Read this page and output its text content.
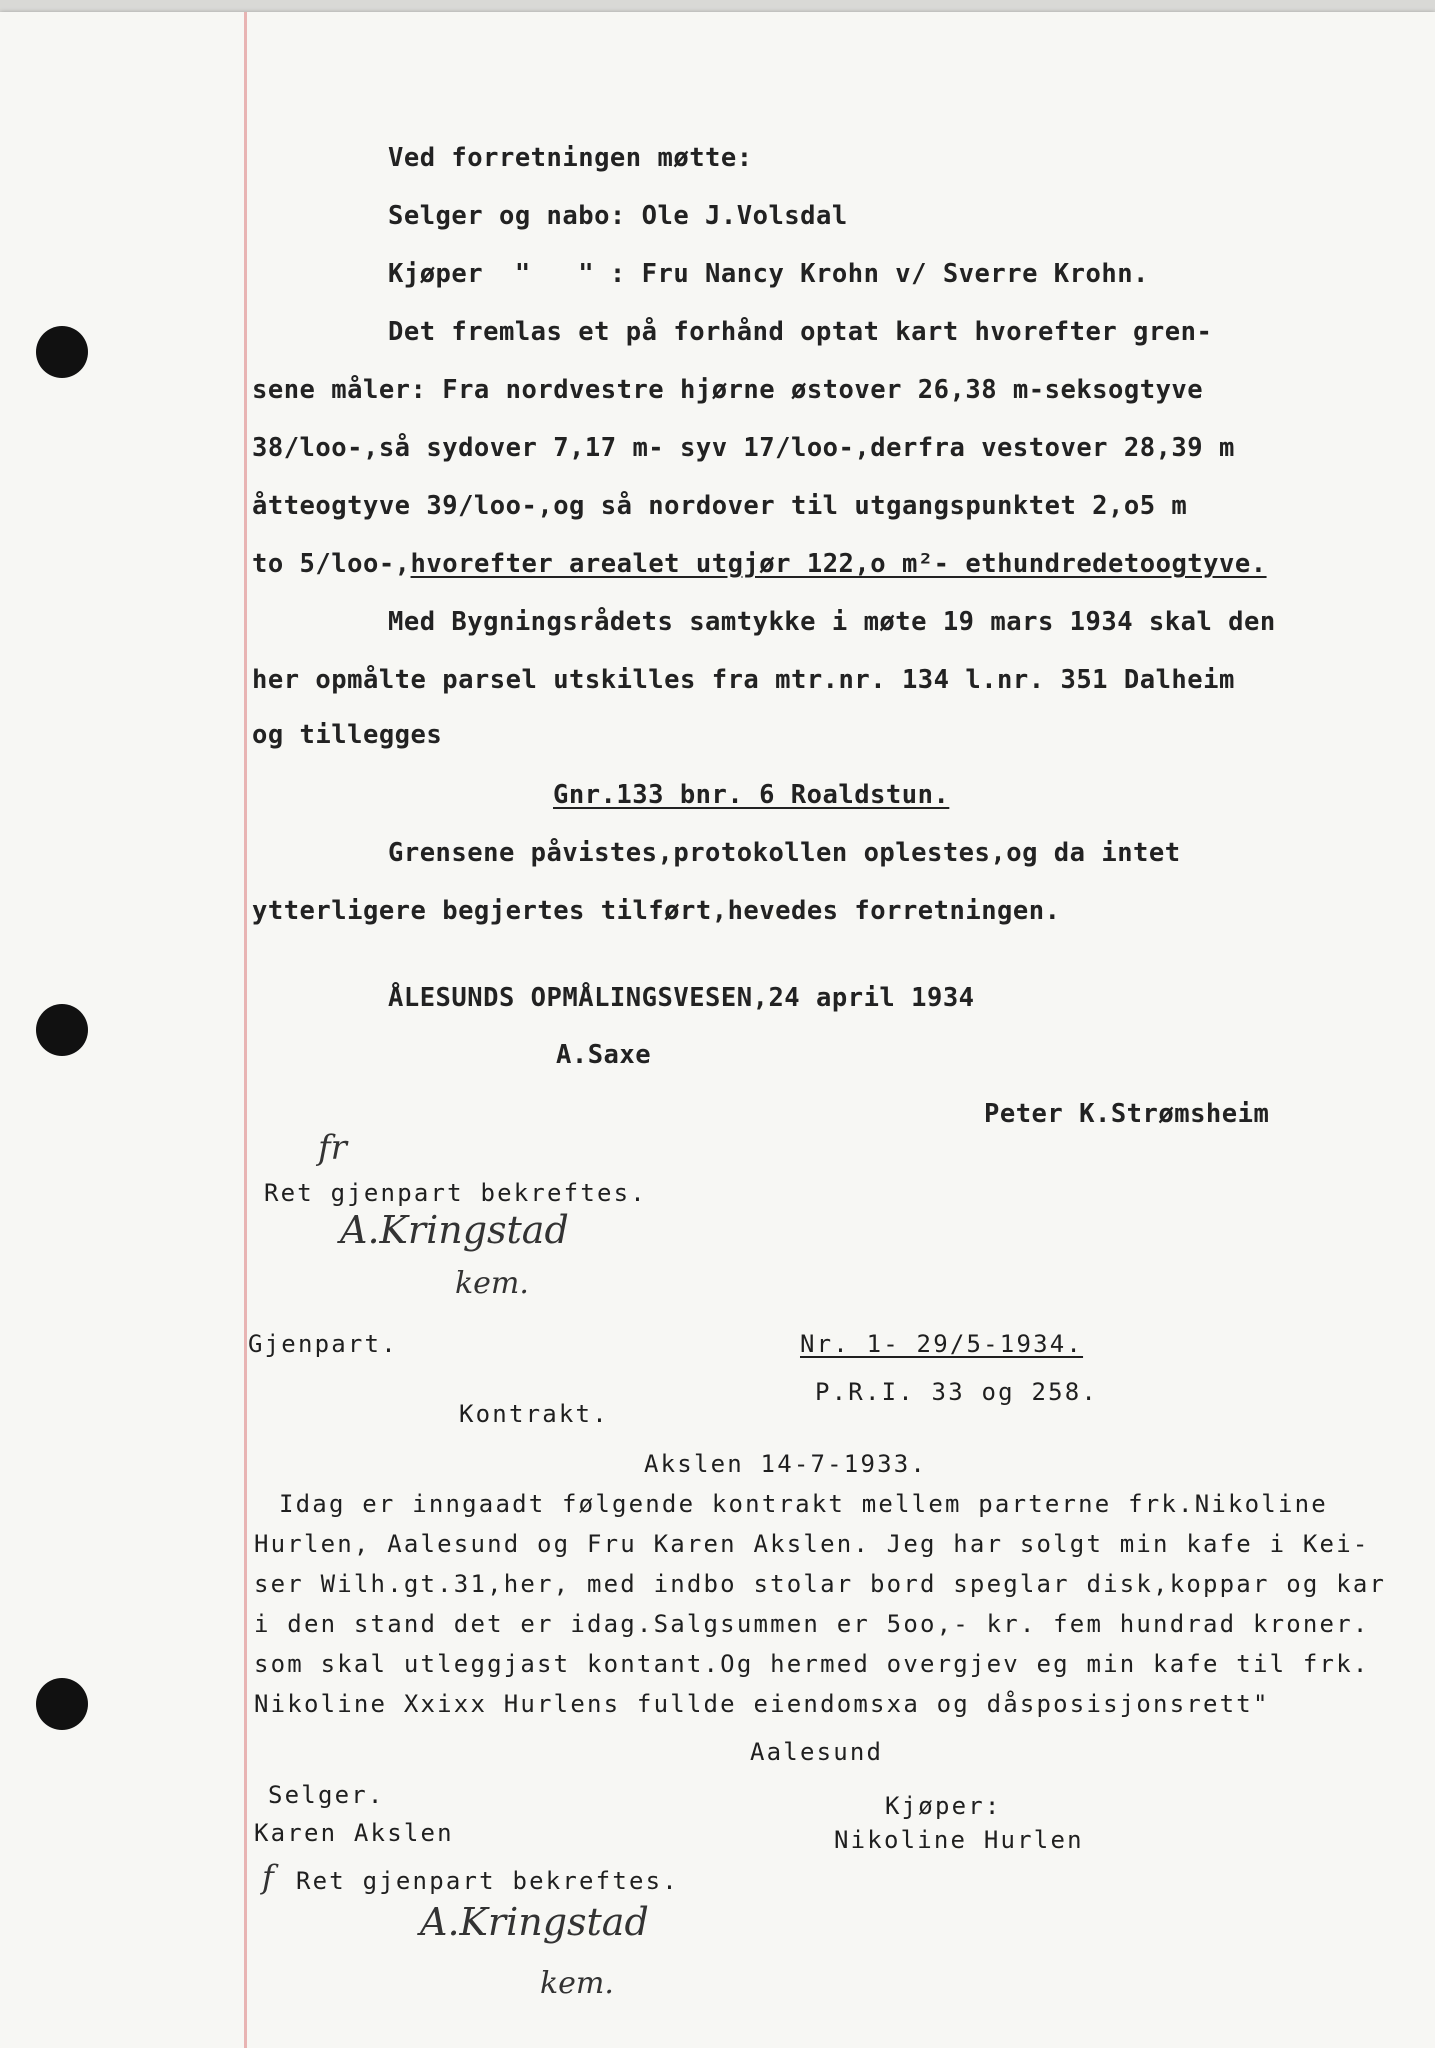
Ved forretningen møtte:
Selger og nabo: Ole J.Volsdal
Kjøper  "   " : Fru Nancy Krohn v/ Sverre Krohn.
Det fremlas et på forhånd optat kart hvorefter gren-
sene måler: Fra nordvestre hjørne østover 26,38 m-seksogtyve
38/loo-,så sydover 7,17 m- syv 17/loo-,derfra vestover 28,39 m
åtteogtyve 39/loo-,og så nordover til utgangspunktet 2,o5 m
to 5/loo-,hvorefter arealet utgjør 122,o m²- ethundredetoogtyve.
Med Bygningsrådets samtykke i møte 19 mars 1934 skal den
her opmålte parsel utskilles fra mtr.nr. 134 l.nr. 351 Dalheim
og tillegges
Gnr.133 bnr. 6 Roaldstun.
Grensene påvistes,protokollen oplestes,og da intet
ytterligere begjertes tilført,hevedes forretningen.
ÅLESUNDS OPMÅLINGSVESEN,24 april 1934
A.Saxe
Peter K.Strømsheim
fr
Ret gjenpart bekreftes.
A.Kringstad
kem.
Gjenpart.	Nr. 1- 29/5-1934.
P.R.I. 33 og 258.
Kontrakt.
Akslen 14-7-1933.
Idag er inngaadt følgende kontrakt mellem parterne frk.Nikoline
Hurlen, Aalesund og Fru Karen Akslen. Jeg har solgt min kafe i Kei-
ser Wilh.gt.31,her, med indbo stolar bord speglar disk,koppar og kar
i den stand det er idag.Salgsummen er 5oo,- kr. fem hundrad kroner.
som skal utleggjast kontant.Og hermed overgjev eg min kafe til frk.
Nikoline Xxixx Hurlens fullde eiendomsxa og dåsposisjonsrett"
Aalesund
Selger.
Karen Akslen
Kjøper:
Nikoline Hurlen
f Ret gjenpart bekreftes.
A.Kringstad
kem.
